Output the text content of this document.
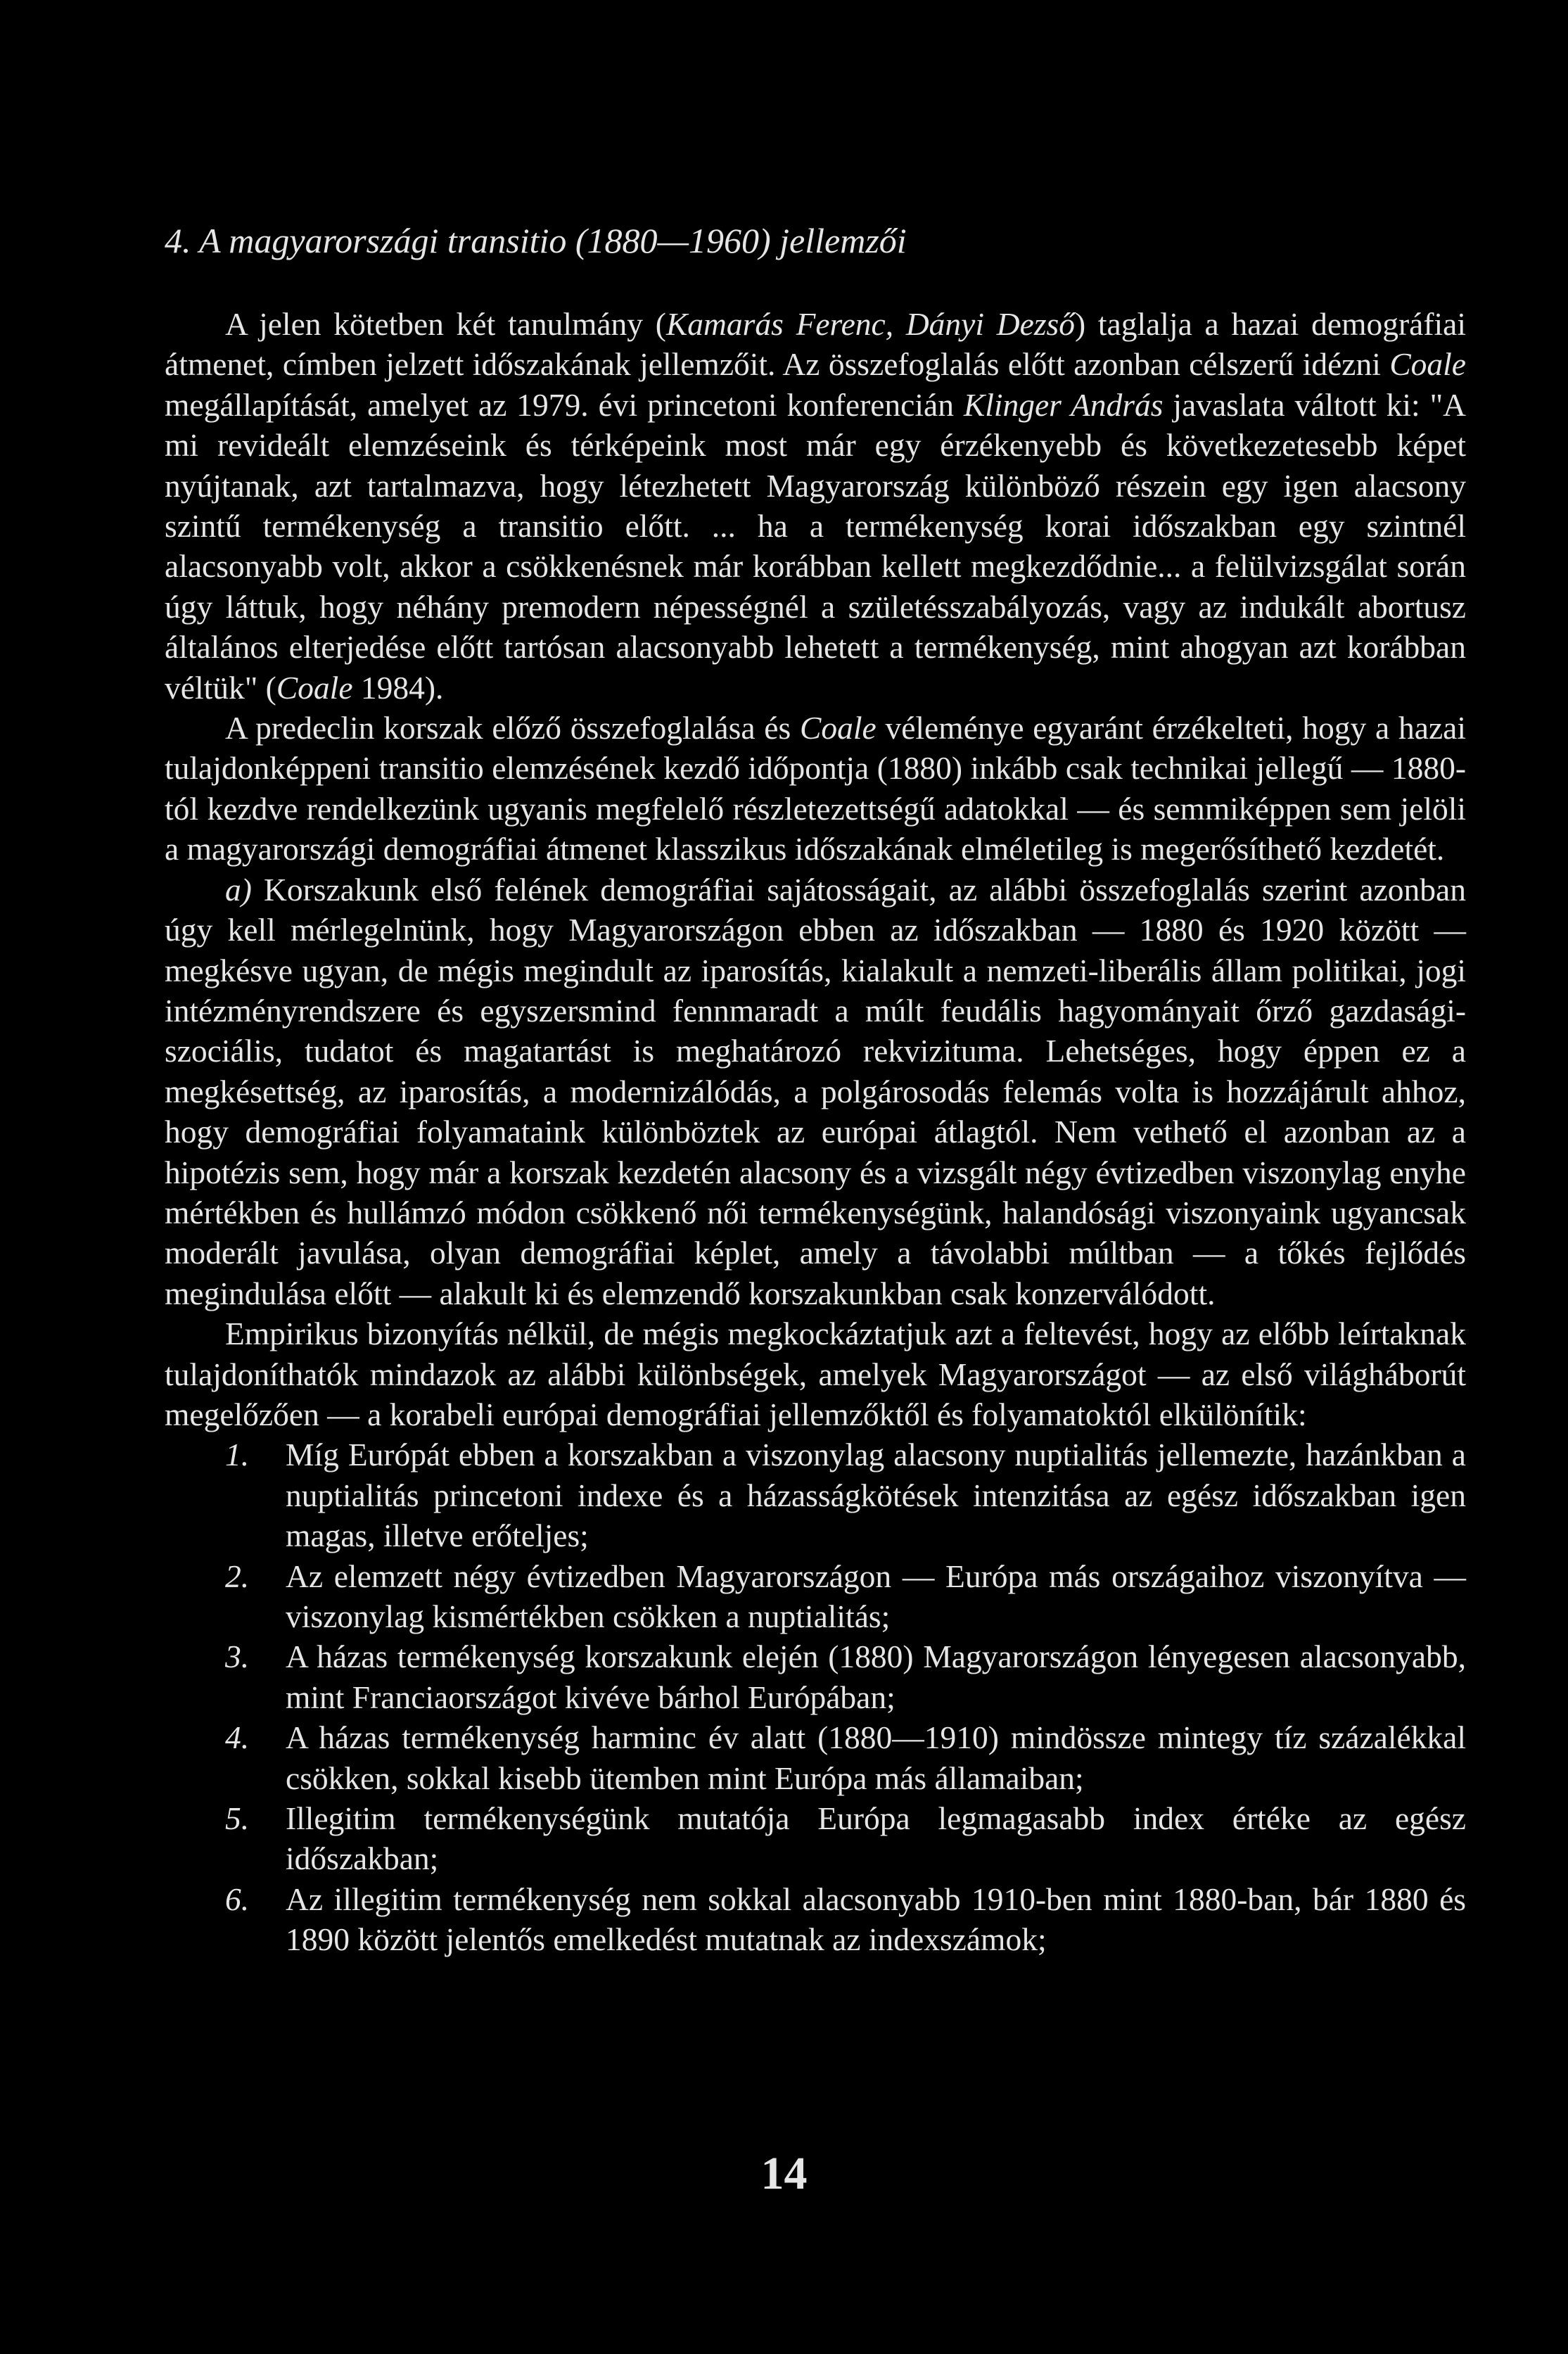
4. A magyarországi transitio (1880—1960) jellemzői

A jelen kötetben két tanulmány (Kamarás Ferenc, Dányi Dezső) taglalja a hazai demográfiai átmenet, címben jelzett időszakának jellemzőit. Az összefoglalás előtt azonban célszerű idézni Coale megállapítását, amelyet az 1979. évi princetoni konferencián Klinger András javaslata váltott ki: "A mi revideált elemzéseink és térképeink most már egy érzékenyebb és következetesebb képet nyújtanak, azt tartalmazva, hogy létezhetett Magyarország különböző részein egy igen alacsony szintű termékenység a transitio előtt. ... ha a termékenység korai időszakban egy szintnél alacsonyabb volt, akkor a csökkenésnek már korábban kellett megkezdődnie... a felülvizsgálat során úgy láttuk, hogy néhány premodern népességnél a születésszabályozás, vagy az indukált abortusz általános elterjedése előtt tartósan alacsonyabb lehetett a termékenység, mint ahogyan azt korábban véltük" (Coale 1984).

A predeclin korszak előző összefoglalása és Coale véleménye egyaránt érzékelteti, hogy a hazai tulajdonképpeni transitio elemzésének kezdő időpontja (1880) inkább csak technikai jellegű — 1880-tól kezdve rendelkezünk ugyanis megfelelő részletezettségű adatokkal — és semmiképpen sem jelöli a magyarországi demográfiai átmenet klasszikus időszakának elméletileg is megerősíthető kezdetét.

a) Korszakunk első felének demográfiai sajátosságait, az alábbi összefoglalás szerint azonban úgy kell mérlegelnünk, hogy Magyarországon ebben az időszakban — 1880 és 1920 között — megkésve ugyan, de mégis megindult az iparosítás, kialakult a nemzeti-liberális állam politikai, jogi intézményrendszere és egyszersmind fennmaradt a múlt feudális hagyományait őrző gazdasági-szociális, tudatot és magatartást is meghatározó rekvizituma. Lehetséges, hogy éppen ez a megkésettség, az iparosítás, a modernizálódás, a polgárosodás felemás volta is hozzájárult ahhoz, hogy demográfiai folyamataink különböztek az európai átlagtól. Nem vethető el azonban az a hipotézis sem, hogy már a korszak kezdetén alacsony és a vizsgált négy évtizedben viszonylag enyhe mértékben és hullámzó módon csökkenő női termékenységünk, halandósági viszonyaink ugyancsak moderált javulása, olyan demográfiai képlet, amely a távolabbi múltban — a tőkés fejlődés megindulása előtt — alakult ki és elemzendő korszakunkban csak konzerválódott.

Empirikus bizonyítás nélkül, de mégis megkockáztatjuk azt a feltevést, hogy az előbb leírtaknak tulajdoníthatók mindazok az alábbi különbségek, amelyek Magyarországot — az első világháborút megelőzően — a korabeli európai demográfiai jellemzőktől és folyamatoktól elkülönítik:

1. Míg Európát ebben a korszakban a viszonylag alacsony nuptialitás jellemezte, hazánkban a nuptialitás princetoni indexe és a házasságkötések intenzitása az egész időszakban igen magas, illetve erőteljes;
2. Az elemzett négy évtizedben Magyarországon — Európa más országaihoz viszonyítva — viszonylag kismértékben csökken a nuptialitás;
3. A házas termékenység korszakunk elején (1880) Magyarországon lényegesen alacsonyabb, mint Franciaországot kivéve bárhol Európában;
4. A házas termékenység harminc év alatt (1880—1910) mindössze mintegy tíz százalékkal csökken, sokkal kisebb ütemben mint Európa más államaiban;
5. Illegitim termékenységünk mutatója Európa legmagasabb index értéke az egész időszakban;
6. Az illegitim termékenység nem sokkal alacsonyabb 1910-ben mint 1880-ban, bár 1880 és 1890 között jelentős emelkedést mutatnak az indexszámok;
14
